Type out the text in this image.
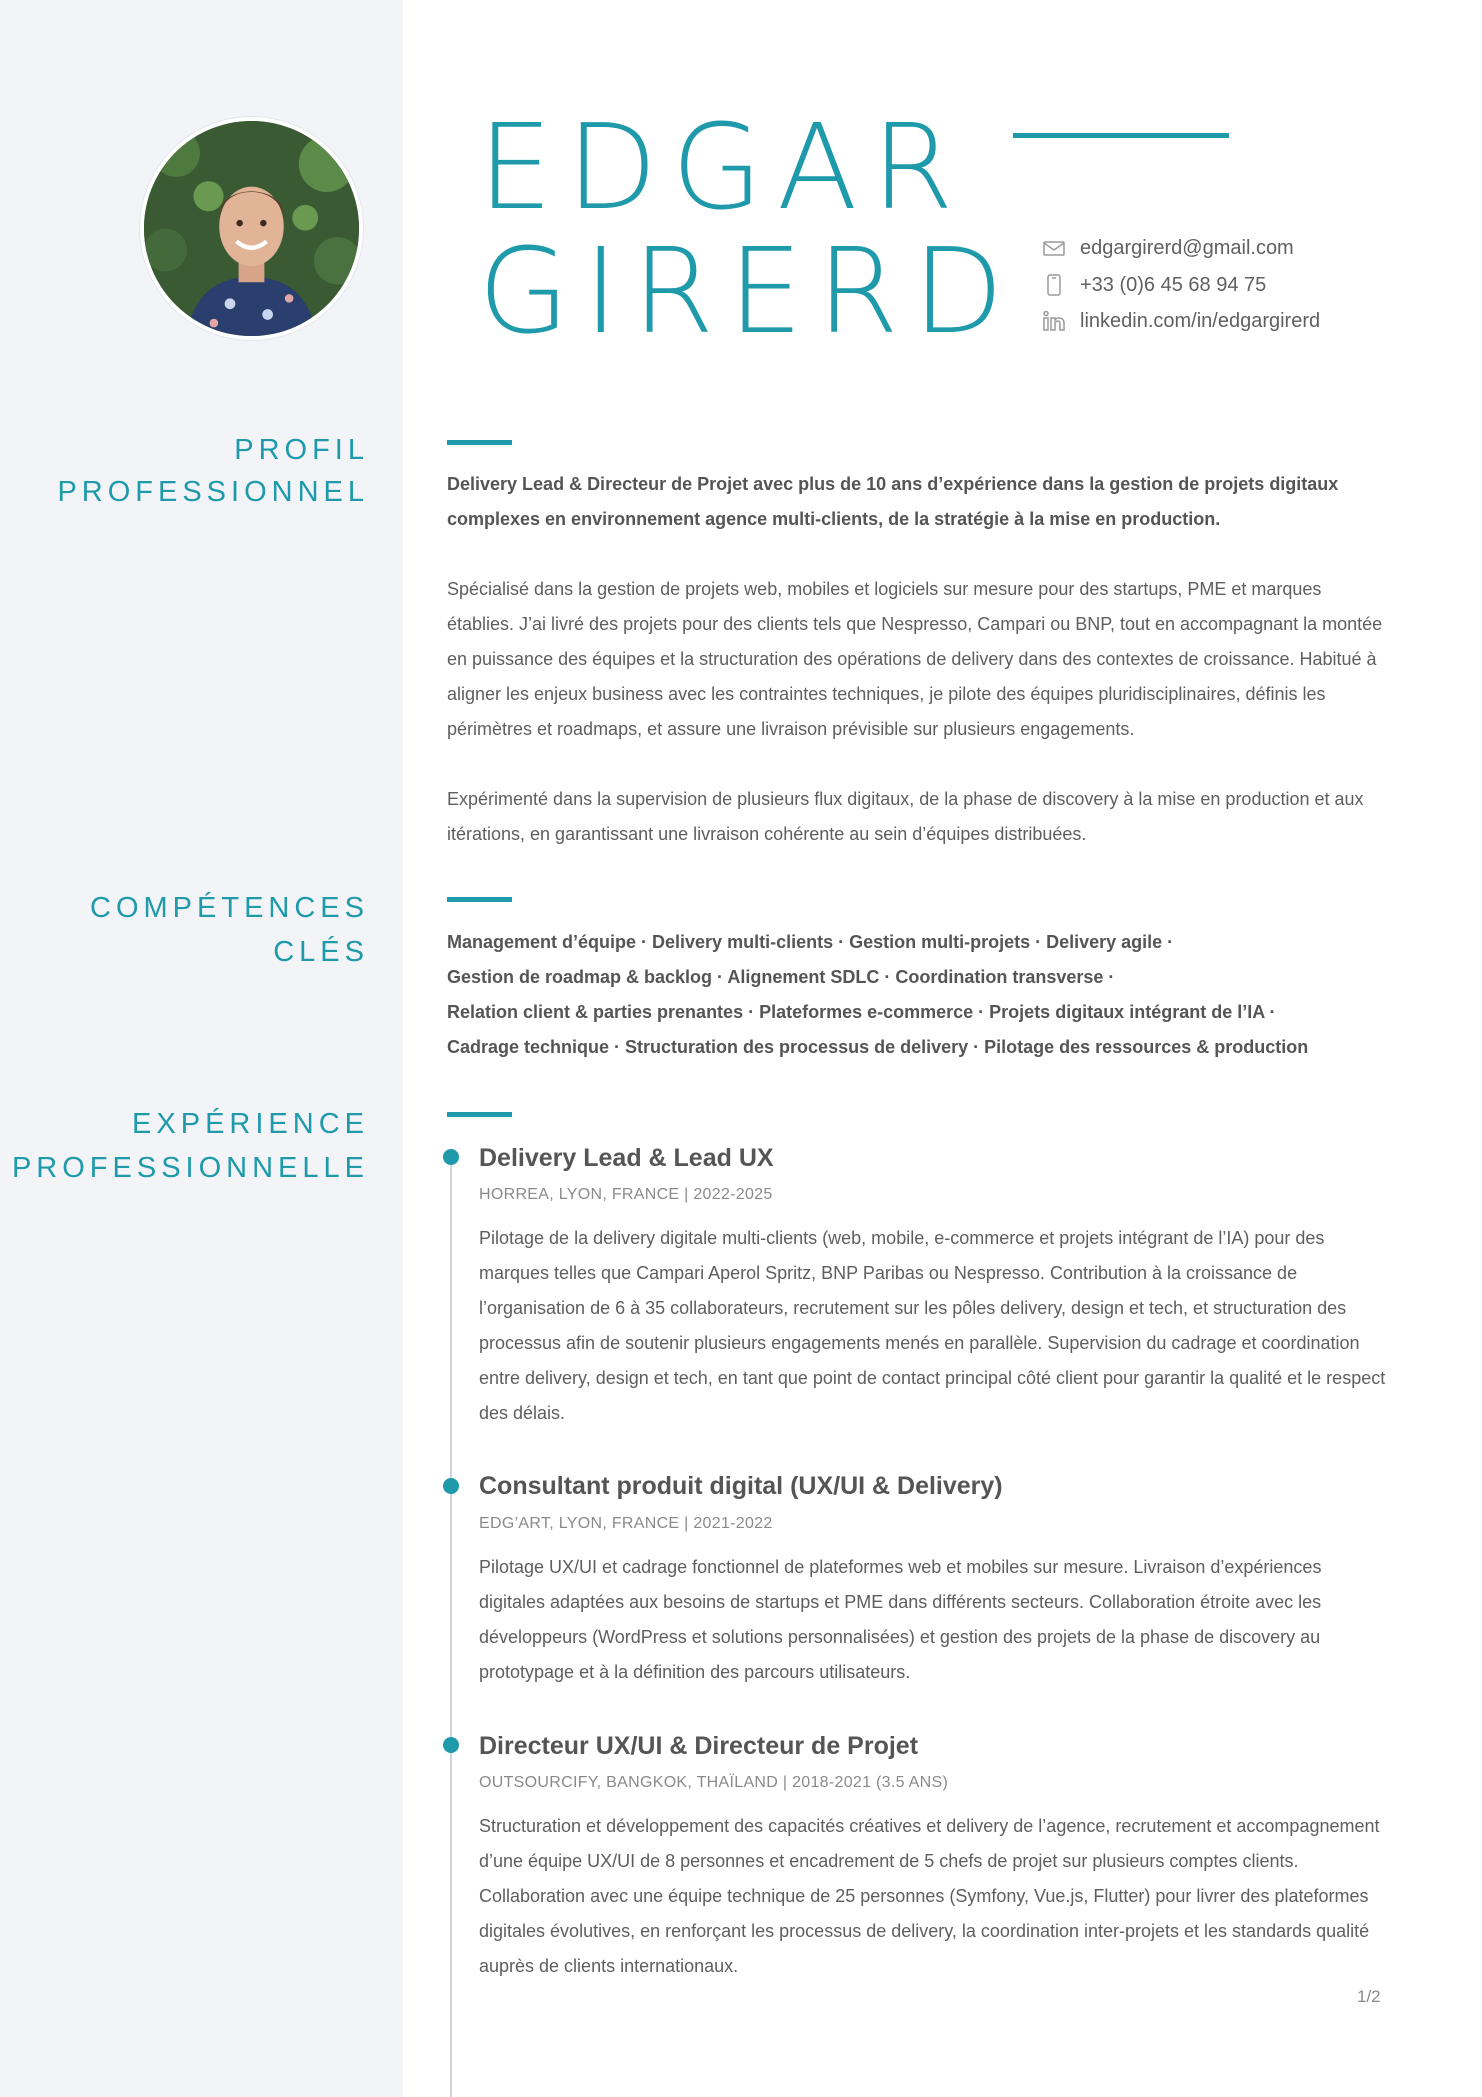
EDGAR
GIRERD	edgargirerd@gmail.com
+33 (0)6 45 68 94 75
linkedin.com/in/edgargirerd
PROFIL
PROFESSIONNEL	Delivery Lead & Directeur de Projet avec plus de 10 ans d’expérience dans la gestion de projets digitaux complexes en environnement agence multi-clients, de la stratégie à la mise en production.
Spécialisé dans la gestion de projets web, mobiles et logiciels sur mesure pour des startups, PME et marques établies. J’ai livré des projets pour des clients tels que Nespresso, Campari ou BNP, tout en accompagnant la montée en puissance des équipes et la structuration des opérations de delivery dans des contextes de croissance. Habitué à aligner les enjeux business avec les contraintes techniques, je pilote des équipes pluridisciplinaires, définis les périmètres et roadmaps, et assure une livraison prévisible sur plusieurs engagements.
Expérimenté dans la supervision de plusieurs flux digitaux, de la phase de discovery à la mise en production et aux itérations, en garantissant une livraison cohérente au sein d’équipes distribuées.
COMPÉTENCES
CLÉS	Management d’équipe · Delivery multi-clients · Gestion multi-projets · Delivery agile ·
Gestion de roadmap & backlog · Alignement SDLC · Coordination transverse ·
Relation client & parties prenantes · Plateformes e-commerce · Projets digitaux intégrant de l’IA ·
Cadrage technique · Structuration des processus de delivery · Pilotage des ressources & production
EXPÉRIENCE
PROFESSIONNELLE	Delivery Lead & Lead UX
HORREA, LYON, FRANCE | 2022-2025
Pilotage de la delivery digitale multi-clients (web, mobile, e-commerce et projets intégrant de l’IA) pour des marques telles que Campari Aperol Spritz, BNP Paribas ou Nespresso. Contribution à la croissance de l’organisation de 6 à 35 collaborateurs, recrutement sur les pôles delivery, design et tech, et structuration des processus afin de soutenir plusieurs engagements menés en parallèle. Supervision du cadrage et coordination entre delivery, design et tech, en tant que point de contact principal côté client pour garantir la qualité et le respect des délais.
Consultant produit digital (UX/UI & Delivery)
EDG’ART, LYON, FRANCE | 2021-2022
Pilotage UX/UI et cadrage fonctionnel de plateformes web et mobiles sur mesure. Livraison d’expériences digitales adaptées aux besoins de startups et PME dans différents secteurs. Collaboration étroite avec les développeurs (WordPress et solutions personnalisées) et gestion des projets de la phase de discovery au prototypage et à la définition des parcours utilisateurs.
Directeur UX/UI & Directeur de Projet
OUTSOURCIFY, BANGKOK, THAÏLAND | 2018-2021 (3.5 ANS)
Structuration et développement des capacités créatives et delivery de l’agence, recrutement et accompagnement d’une équipe UX/UI de 8 personnes et encadrement de 5 chefs de projet sur plusieurs comptes clients. Collaboration avec une équipe technique de 25 personnes (Symfony, Vue.js, Flutter) pour livrer des plateformes digitales évolutives, en renforçant les processus de delivery, la coordination inter-projets et les standards qualité auprès de clients internationaux.
1/2
